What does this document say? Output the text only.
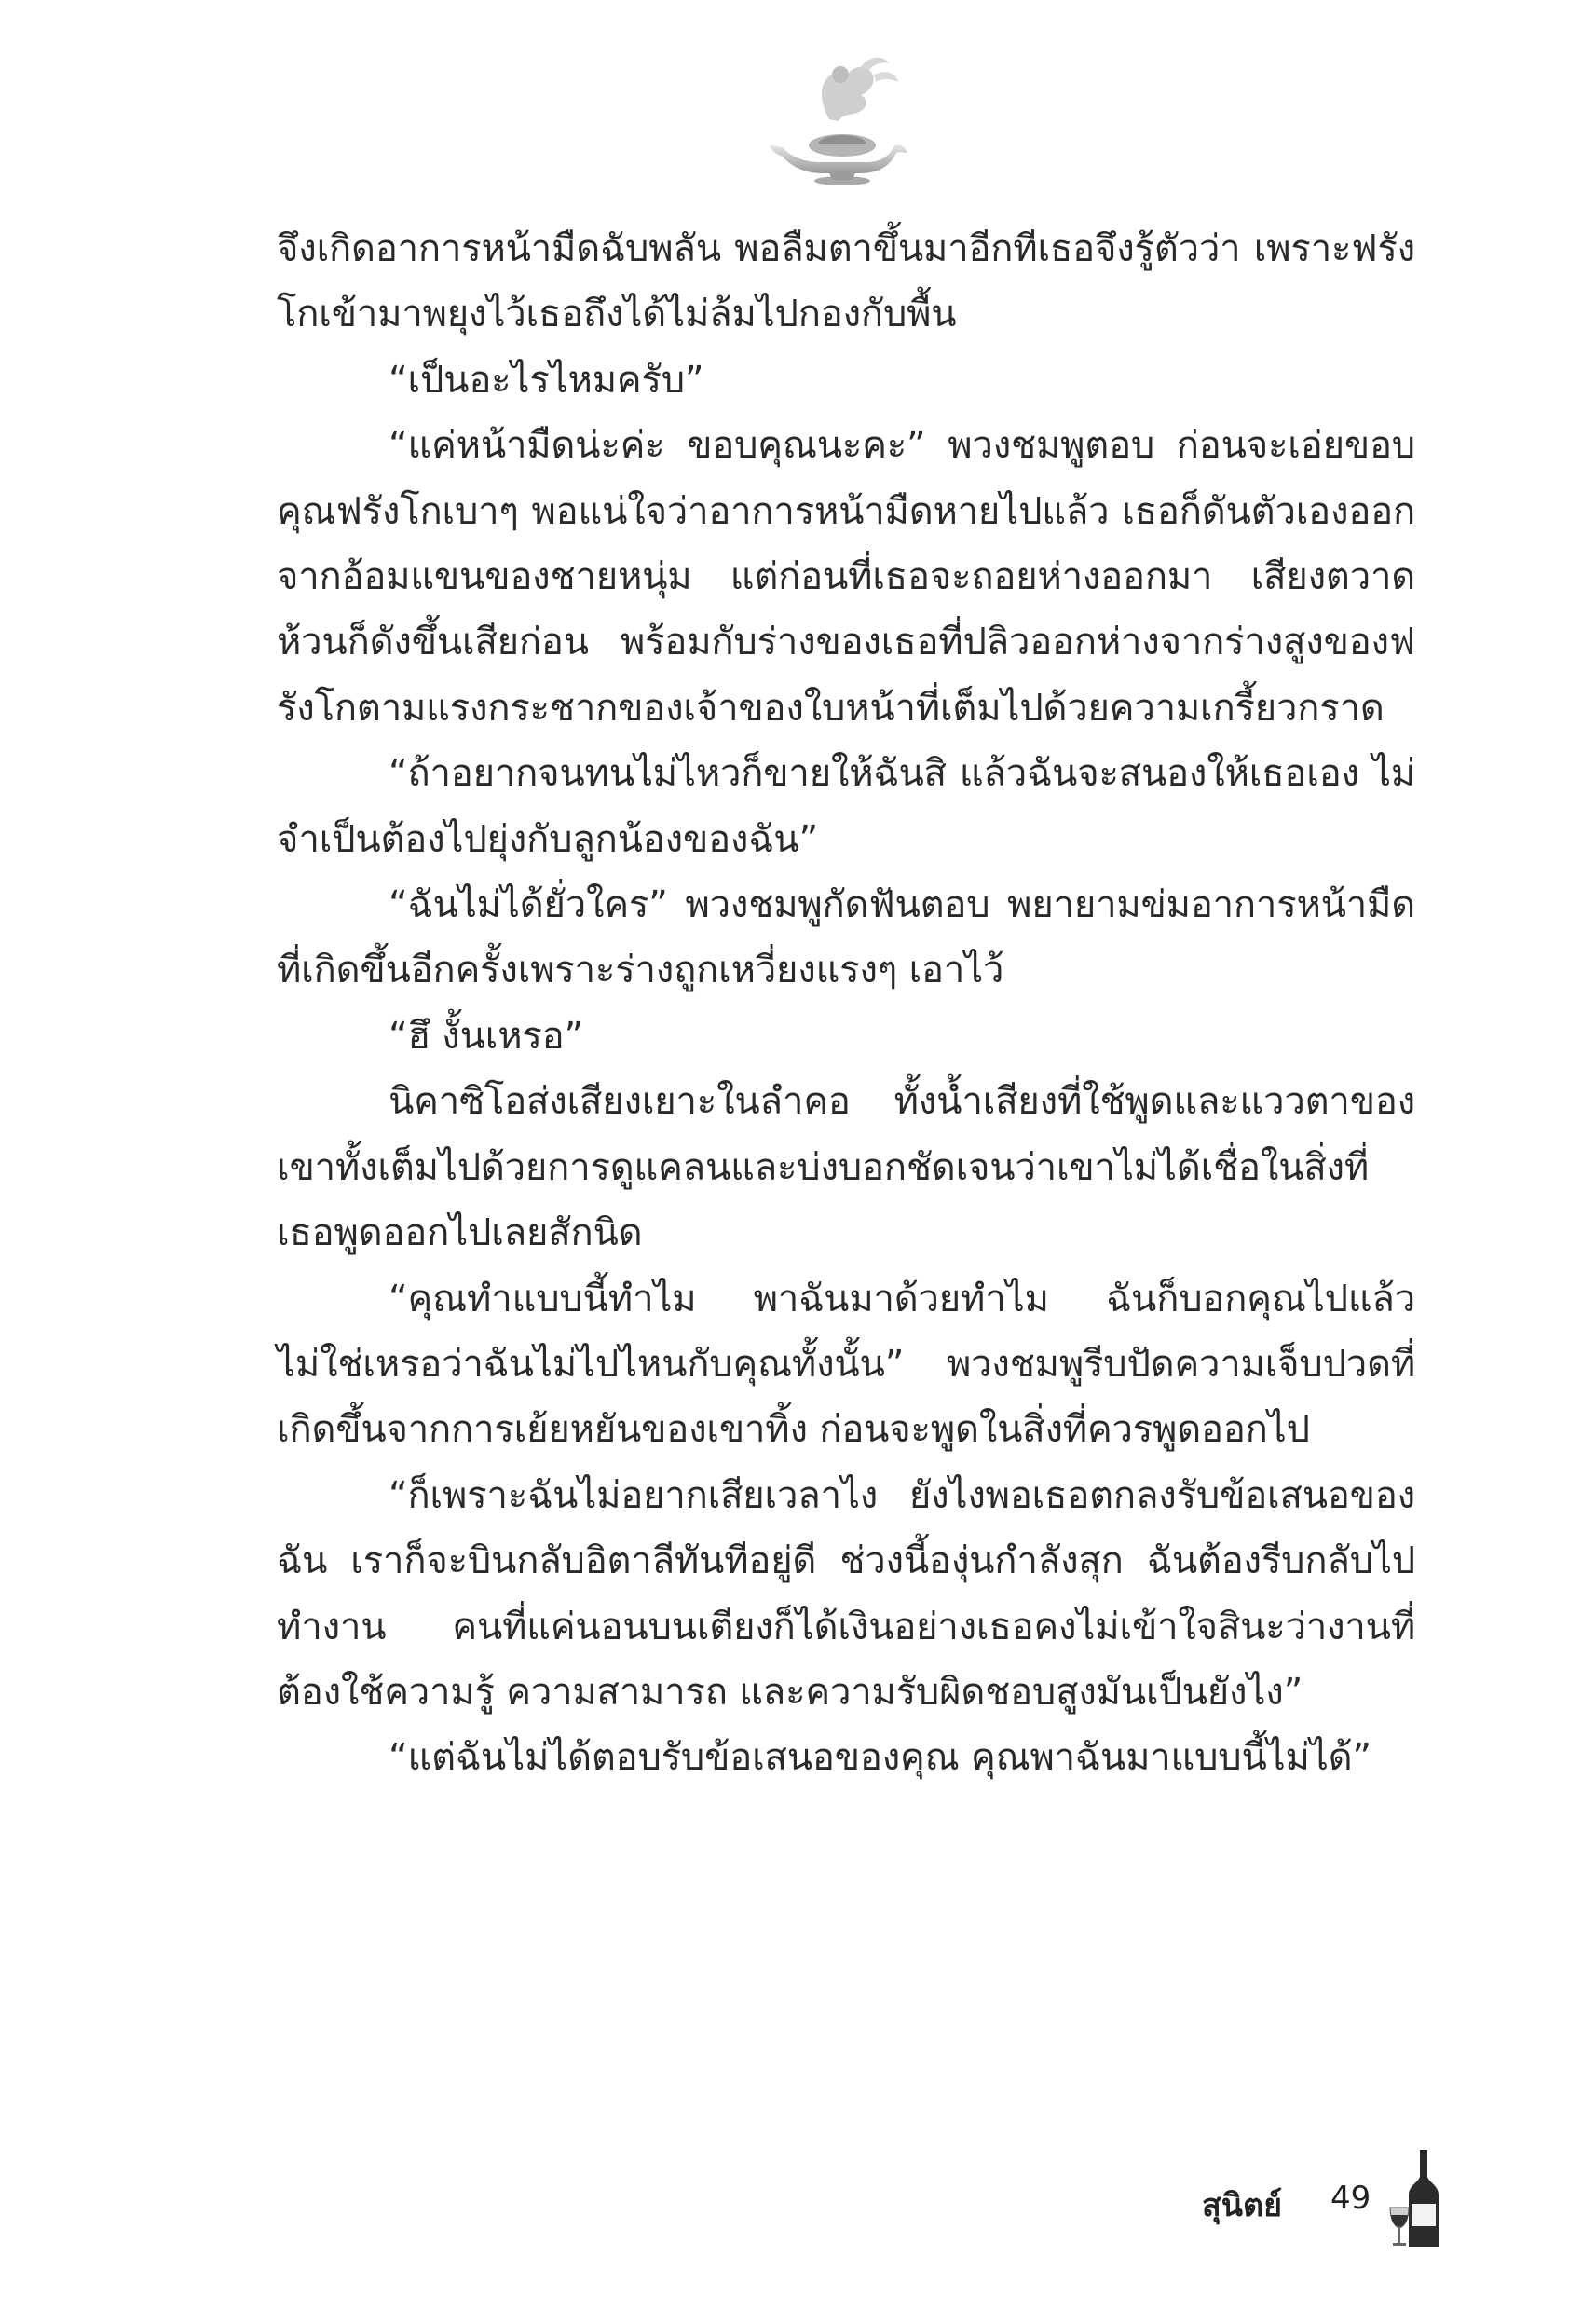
จึงเกิดอาการหน้ามืดฉับพลัน พอลืมตาขึ้นมาอีกทีเธอจึงรู้ตัวว่า เพราะฟรังโกเข้ามาพยุงไว้เธอถึงได้ไม่ล้มไปกองกับพื้น

“เป็นอะไรไหมครับ”

“แค่หน้ามืดน่ะค่ะ ขอบคุณนะคะ” พวงชมพูตอบ ก่อนจะเอ่ยขอบคุณฟรังโกเบาๆ พอแน่ใจว่าอาการหน้ามืดหายไปแล้ว เธอก็ดันตัวเองออกจากอ้อมแขนของชายหนุ่ม แต่ก่อนที่เธอจะถอยห่างออกมา เสียงตวาดห้วนก็ดังขึ้นเสียก่อน พร้อมกับร่างของเธอที่ปลิวออกห่างจากร่างสูงของฟรังโกตามแรงกระชากของเจ้าของใบหน้าที่เต็มไปด้วยความเกรี้ยวกราด

“ถ้าอยากจนทนไม่ไหวก็ขายให้ฉันสิ แล้วฉันจะสนองให้เธอเอง ไม่จำเป็นต้องไปยุ่งกับลูกน้องของฉัน”

“ฉันไม่ได้ยั่วใคร” พวงชมพูกัดฟันตอบ พยายามข่มอาการหน้ามืดที่เกิดขึ้นอีกครั้งเพราะร่างถูกเหวี่ยงแรงๆ เอาไว้

“ฮึ งั้นเหรอ”

นิคาซิโอส่งเสียงเยาะในลำคอ ทั้งน้ำเสียงที่ใช้พูดและแววตาของเขาทั้งเต็มไปด้วยการดูแคลนและบ่งบอกชัดเจนว่าเขาไม่ได้เชื่อในสิ่งที่เธอพูดออกไปเลยสักนิด

“คุณทำแบบนี้ทำไม พาฉันมาด้วยทำไม ฉันก็บอกคุณไปแล้ว ไม่ใช่เหรอว่าฉันไม่ไปไหนกับคุณทั้งนั้น” พวงชมพูรีบปัดความเจ็บปวดที่เกิดขึ้นจากการเย้ยหยันของเขาทิ้ง ก่อนจะพูดในสิ่งที่ควรพูดออกไป

“ก็เพราะฉันไม่อยากเสียเวลาไง ยังไงพอเธอตกลงรับข้อเสนอของฉัน เราก็จะบินกลับอิตาลีทันทีอยู่ดี ช่วงนี้องุ่นกำลังสุก ฉันต้องรีบกลับไปทำงาน คนที่แค่นอนบนเตียงก็ได้เงินอย่างเธอคงไม่เข้าใจสินะว่างานที่ต้องใช้ความรู้ ความสามารถ และความรับผิดชอบสูงมันเป็นยังไง”

“แต่ฉันไม่ได้ตอบรับข้อเสนอของคุณ คุณพาฉันมาแบบนี้ไม่ได้”

สุนิตย์ 49
